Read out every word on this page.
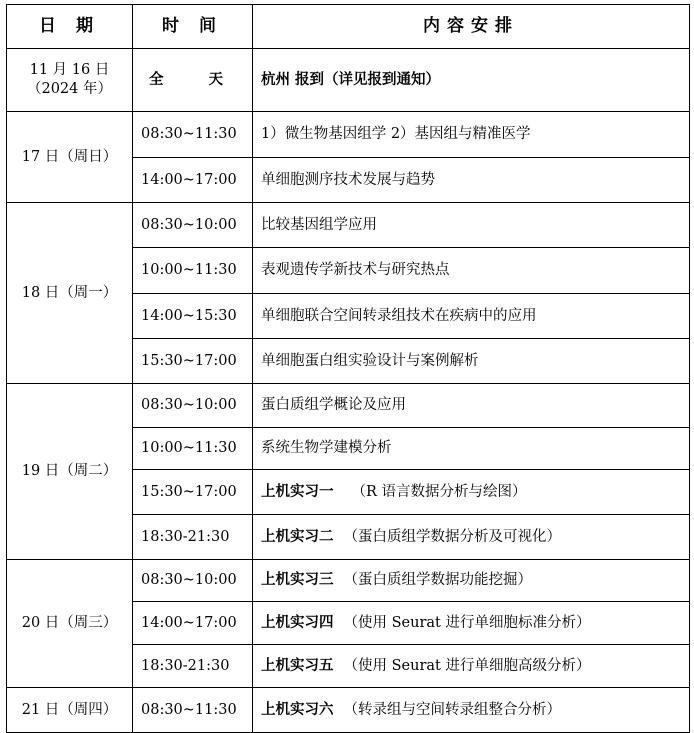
日 期	时 间	内容安排

11 月 16 日
（2024 年）	全 天	杭州 报到（详见报到通知）
17 日（周日）	08:30~11:30	1）微生物基因组学 2）基因组与精准医学
	14:00~17:00	单细胞测序技术发展与趋势
18 日（周一）	08:30~10:00	比较基因组学应用
	10:00~11:30	表观遗传学新技术与研究热点
	14:00~15:30	单细胞联合空间转录组技术在疾病中的应用
	15:30~17:00	单细胞蛋白组实验设计与案例解析
19 日（周二）	08:30~10:00	蛋白质组学概论及应用
	10:00~11:30	系统生物学建模分析
	15:30~17:00	上机实习一 （R 语言数据分析与绘图）
	18:30-21:30	上机实习二 （蛋白质组学数据分析及可视化）
20 日（周三）	08:30~10:00	上机实习三 （蛋白质组学数据功能挖掘）
	14:00~17:00	上机实习四 （使用 Seurat 进行单细胞标准分析）
	18:30-21:30	上机实习五 （使用 Seurat 进行单细胞高级分析）
21 日（周四）	08:30~11:30	上机实习六 （转录组与空间转录组整合分析）
